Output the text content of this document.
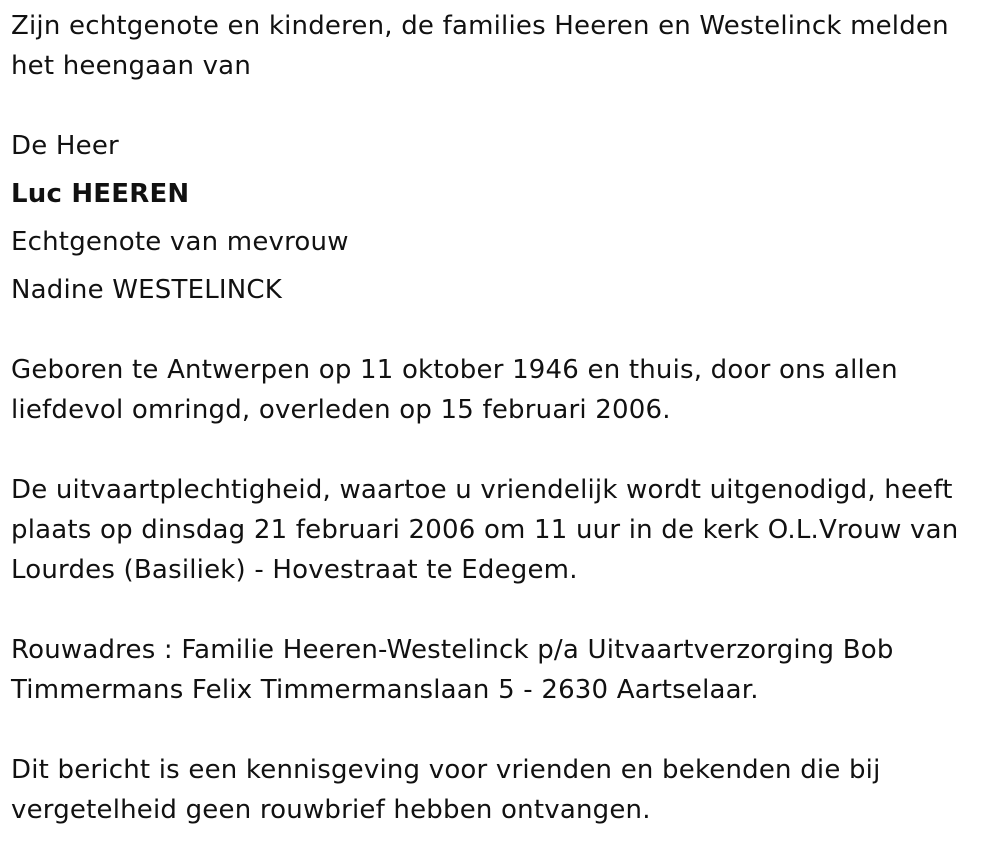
Zijn echtgenote en kinderen, de families Heeren en Westelinck melden het heengaan van

De Heer

Luc HEEREN

Echtgenote van mevrouw

Nadine WESTELINCK

Geboren te Antwerpen op 11 oktober 1946 en thuis, door ons allen liefdevol omringd, overleden op 15 februari 2006.

De uitvaartplechtigheid, waartoe u vriendelijk wordt uitgenodigd, heeft plaats op dinsdag 21 februari 2006 om 11 uur in de kerk O.L.Vrouw van Lourdes (Basiliek) - Hovestraat te Edegem.

Rouwadres : Familie Heeren-Westelinck p/a Uitvaartverzorging Bob Timmermans Felix Timmermanslaan 5 - 2630 Aartselaar.

Dit bericht is een kennisgeving voor vrienden en bekenden die bij vergetelheid geen rouwbrief hebben ontvangen.
